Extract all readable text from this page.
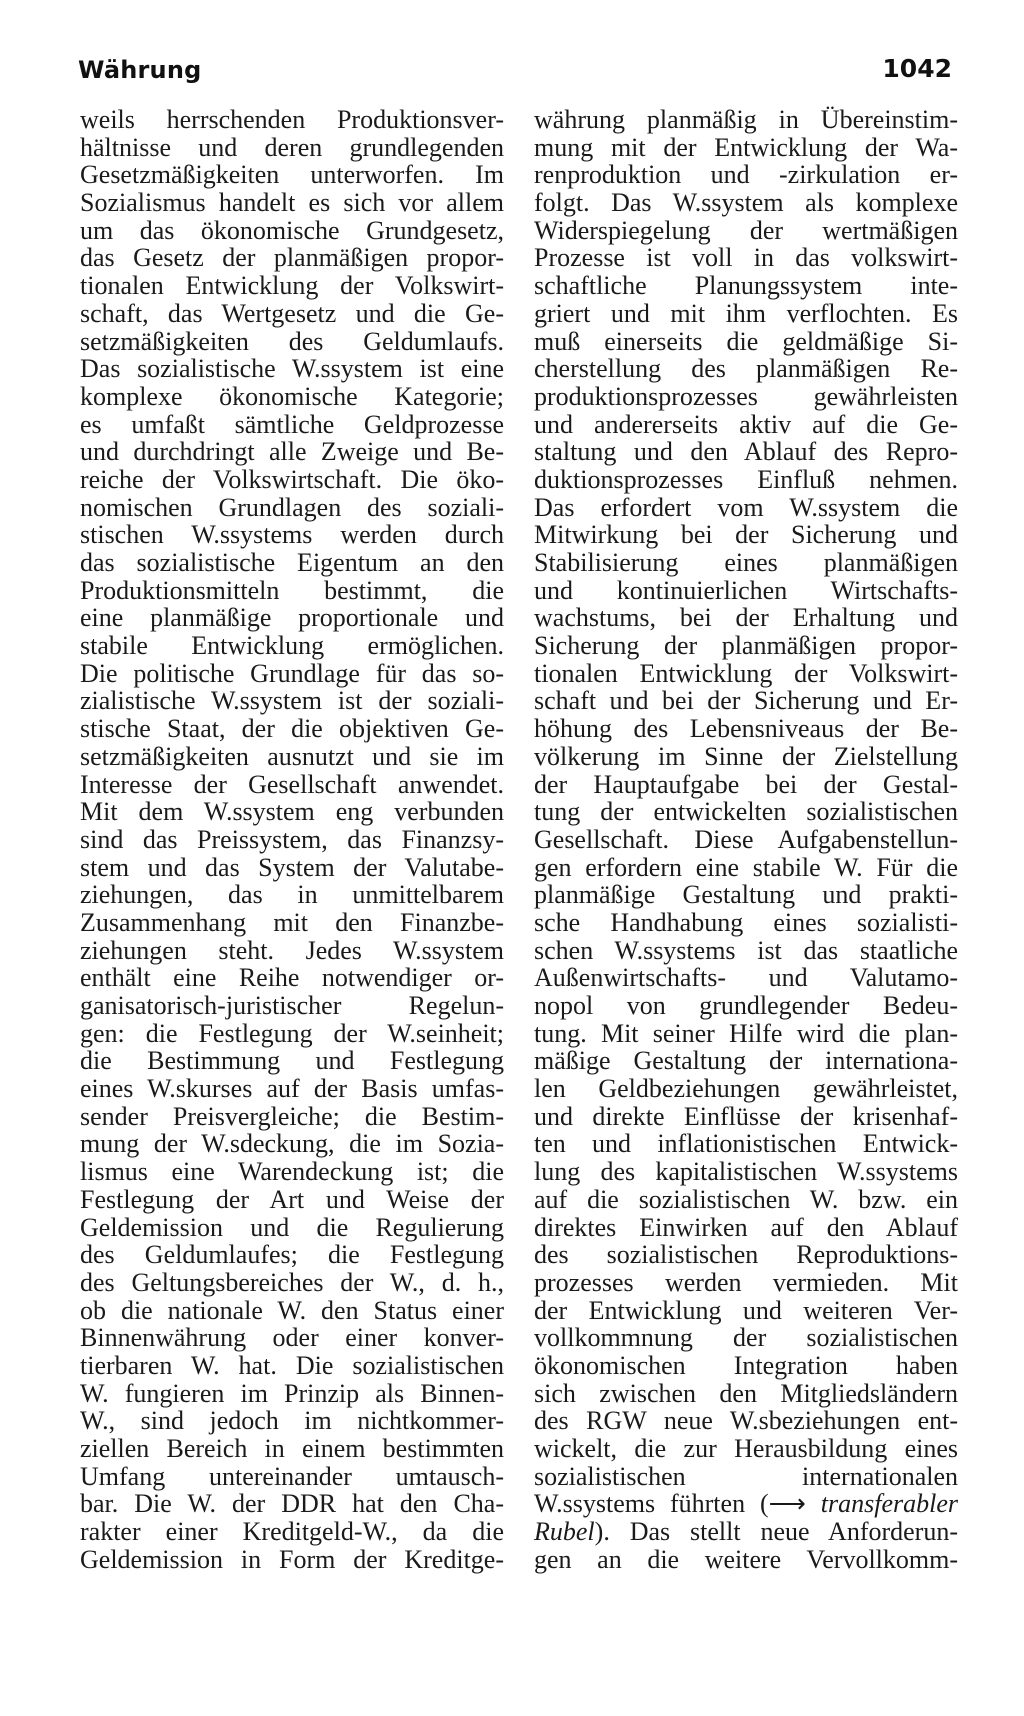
Währung	1042
weils herrschenden Produktionsver-
hältnisse und deren grundlegenden
Gesetzmäßigkeiten unterworfen. Im
Sozialismus handelt es sich vor allem
um das ökonomische Grundgesetz,
das Gesetz der planmäßigen propor-
tionalen Entwicklung der Volkswirt-
schaft, das Wertgesetz und die Ge-
setzmäßigkeiten des Geldumlaufs.
Das sozialistische W.ssystem ist eine
komplexe ökonomische Kategorie;
es umfaßt sämtliche Geldprozesse
und durchdringt alle Zweige und Be-
reiche der Volkswirtschaft. Die öko-
nomischen Grundlagen des soziali-
stischen W.ssystems werden durch
das sozialistische Eigentum an den
Produktionsmitteln bestimmt, die
eine planmäßige proportionale und
stabile Entwicklung ermöglichen.
Die politische Grundlage für das so-
zialistische W.ssystem ist der soziali-
stische Staat, der die objektiven Ge-
setzmäßigkeiten ausnutzt und sie im
Interesse der Gesellschaft anwendet.
Mit dem W.ssystem eng verbunden
sind das Preissystem, das Finanzsy-
stem und das System der Valutabe-
ziehungen, das in unmittelbarem
Zusammenhang mit den Finanzbe-
ziehungen steht. Jedes W.ssystem
enthält eine Reihe notwendiger or-
ganisatorisch-juristischer Regelun-
gen: die Festlegung der W.seinheit;
die Bestimmung und Festlegung
eines W.skurses auf der Basis umfas-
sender Preisvergleiche; die Bestim-
mung der W.sdeckung, die im Sozia-
lismus eine Warendeckung ist; die
Festlegung der Art und Weise der
Geldemission und die Regulierung
des Geldumlaufes; die Festlegung
des Geltungsbereiches der W., d. h.,
ob die nationale W. den Status einer
Binnenwährung oder einer konver-
tierbaren W. hat. Die sozialistischen
W. fungieren im Prinzip als Binnen-
W., sind jedoch im nichtkommer-
ziellen Bereich in einem bestimmten
Umfang untereinander umtausch-
bar. Die W. der DDR hat den Cha-
rakter einer Kreditgeld-W., da die
Geldemission in Form der Kreditge-
währung planmäßig in Übereinstim-
mung mit der Entwicklung der Wa-
renproduktion und -zirkulation er-
folgt. Das W.ssystem als komplexe
Widerspiegelung der wertmäßigen
Prozesse ist voll in das volkswirt-
schaftliche Planungssystem inte-
griert und mit ihm verflochten. Es
muß einerseits die geldmäßige Si-
cherstellung des planmäßigen Re-
produktionsprozesses gewährleisten
und andererseits aktiv auf die Ge-
staltung und den Ablauf des Repro-
duktionsprozesses Einfluß nehmen.
Das erfordert vom W.ssystem die
Mitwirkung bei der Sicherung und
Stabilisierung eines planmäßigen
und kontinuierlichen Wirtschafts-
wachstums, bei der Erhaltung und
Sicherung der planmäßigen propor-
tionalen Entwicklung der Volkswirt-
schaft und bei der Sicherung und Er-
höhung des Lebensniveaus der Be-
völkerung im Sinne der Zielstellung
der Hauptaufgabe bei der Gestal-
tung der entwickelten sozialistischen
Gesellschaft. Diese Aufgabenstellun-
gen erfordern eine stabile W. Für die
planmäßige Gestaltung und prakti-
sche Handhabung eines sozialisti-
schen W.ssystems ist das staatliche
Außenwirtschafts- und Valutamo-
nopol von grundlegender Bedeu-
tung. Mit seiner Hilfe wird die plan-
mäßige Gestaltung der internationa-
len Geldbeziehungen gewährleistet,
und direkte Einflüsse der krisenhaf-
ten und inflationistischen Entwick-
lung des kapitalistischen W.ssystems
auf die sozialistischen W. bzw. ein
direktes Einwirken auf den Ablauf
des sozialistischen Reproduktions-
prozesses werden vermieden. Mit
der Entwicklung und weiteren Ver-
vollkommnung der sozialistischen
ökonomischen Integration haben
sich zwischen den Mitgliedsländern
des RGW neue W.sbeziehungen ent-
wickelt, die zur Herausbildung eines
sozialistischen internationalen
W.ssystems führten (⟶ transferabler
Rubel). Das stellt neue Anforderun-
gen an die weitere Vervollkomm-
